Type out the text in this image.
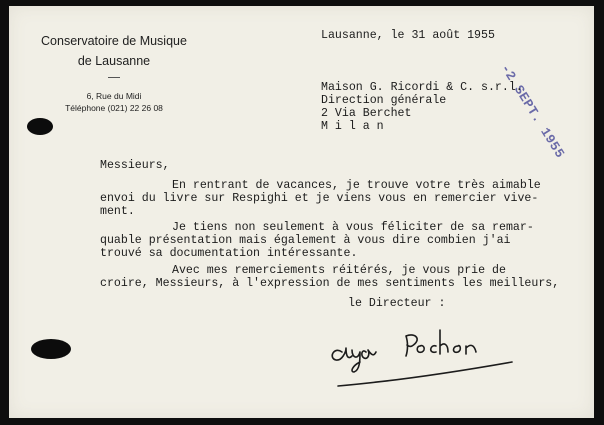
Conservatoire de Musique
de Lausanne
6, Rue du Midi
Téléphone (021) 22 26 08
Lausanne, le 31 août 1955
-2 SEPT. 1955
Maison G. Ricordi & C. s.r.l.
Direction générale
2 Via Berchet
M i l a n
Messieurs,
En rentrant de vacances, je trouve votre très aimable
envoi du livre sur Respighi et je viens vous en remercier vive-
ment.
Je tiens non seulement à vous féliciter de sa remar-
quable présentation mais également à vous dire combien j'ai
trouvé sa documentation intéressante.
Avec mes remerciements réitérés, je vous prie de
croire, Messieurs, à l'expression de mes sentiments les meilleurs,
le Directeur :
